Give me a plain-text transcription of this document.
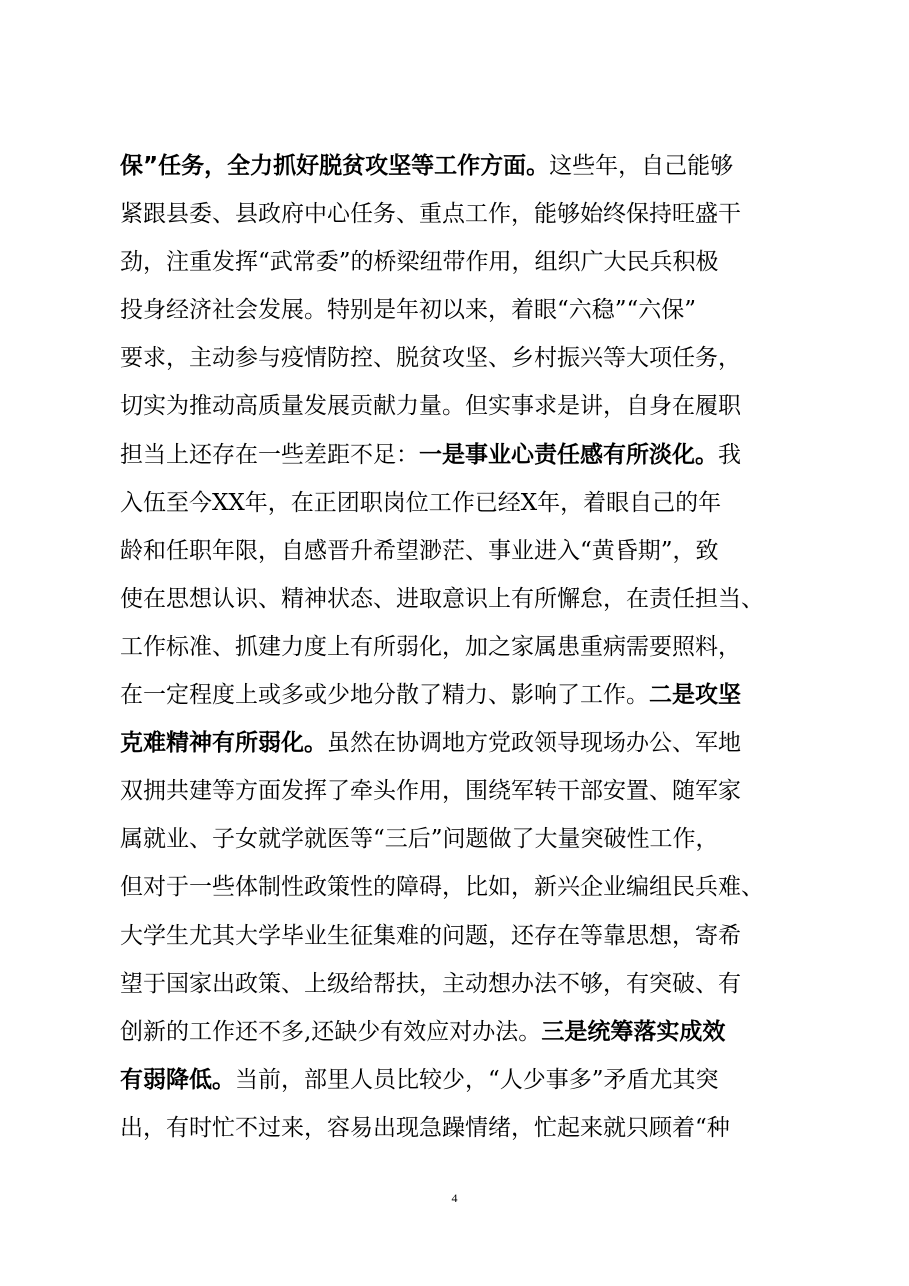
保”任务，全力抓好脱贫攻坚等工作方面。这些年，自己能够
紧跟县委、县政府中心任务、重点工作，能够始终保持旺盛干
劲，注重发挥“武常委”的桥梁纽带作用，组织广大民兵积极
投身经济社会发展。特别是年初以来，着眼“六稳”“六保”
要求，主动参与疫情防控、脱贫攻坚、乡村振兴等大项任务，
切实为推动高质量发展贡献力量。但实事求是讲，自身在履职
担当上还存在一些差距不足：一是事业心责任感有所淡化。我
入伍至今XX年，在正团职岗位工作已经X年，着眼自己的年
龄和任职年限，自感晋升希望渺茫、事业进入“黄昏期”，致
使在思想认识、精神状态、进取意识上有所懈怠，在责任担当、
工作标准、抓建力度上有所弱化，加之家属患重病需要照料，
在一定程度上或多或少地分散了精力、影响了工作。二是攻坚
克难精神有所弱化。虽然在协调地方党政领导现场办公、军地
双拥共建等方面发挥了牵头作用，围绕军转干部安置、随军家
属就业、子女就学就医等“三后”问题做了大量突破性工作，
但对于一些体制性政策性的障碍，比如，新兴企业编组民兵难、
大学生尤其大学毕业生征集难的问题，还存在等靠思想，寄希
望于国家出政策、上级给帮扶，主动想办法不够，有突破、有
创新的工作还不多,还缺少有效应对办法。三是统筹落实成效
有弱降低。当前，部里人员比较少，“人少事多”矛盾尤其突
出，有时忙不过来，容易出现急躁情绪，忙起来就只顾着“种
4
